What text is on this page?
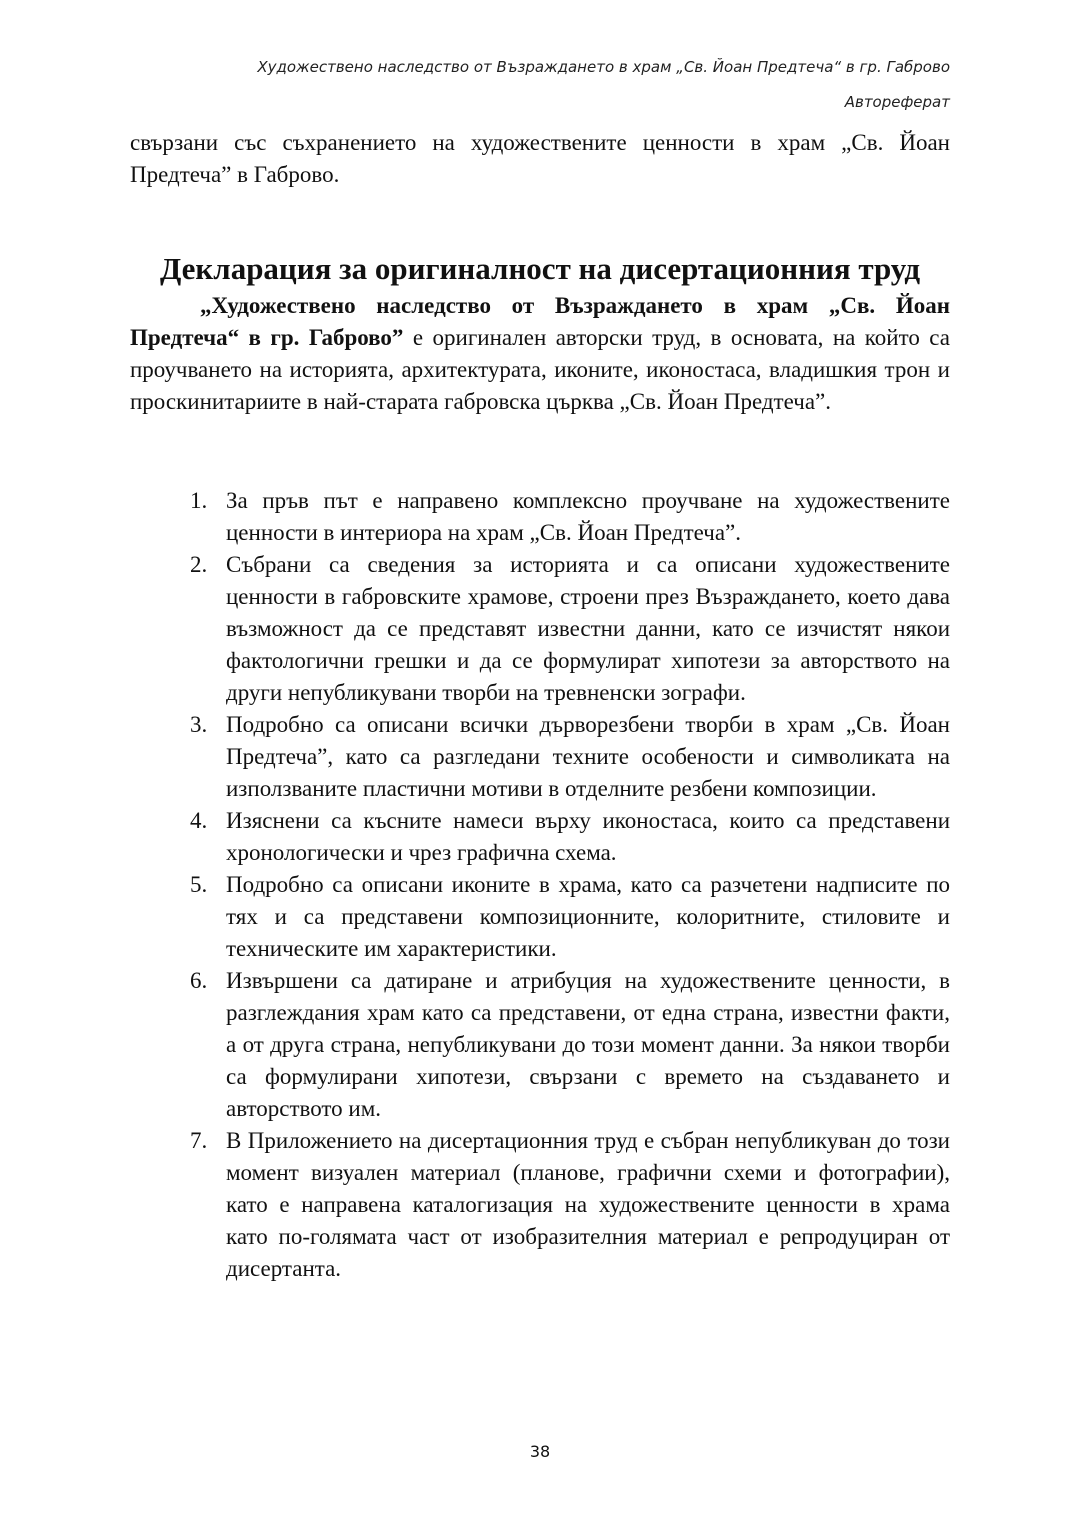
Художествено наследство от Възраждането в храм „Св. Йоан Предтеча“ в гр. Габрово
Автореферат

свързани със съхранението на художествените ценности в храм „Св. Йоан Предтеча” в Габрово.

Декларация за оригиналност на дисертационния труд

„Художествено наследство от Възраждането в храм „Св. Йоан Предтеча“ в гр. Габрово” е оригинален авторски труд, в основата, на който са проучването на историята, архитектурата, иконите, иконостаса, владишкия трон и проскинитариите в най-старата габровска църква „Св. Йоан Предтеча”.

1. За пръв път е направено комплексно проучване на художествените ценности в интериора на храм „Св. Йоан Предтеча”.
2. Събрани са сведения за историята и са описани художествените ценности в габровските храмове, строени през Възраждането, което дава възможност да се представят известни данни, като се изчистят някои фактологични грешки и да се формулират хипотези за авторството на други непубликувани творби на тревненски зографи.
3. Подробно са описани всички дърворезбени творби в храм „Св. Йоан Предтеча”, като са разгледани техните особености и символиката на използваните пластични мотиви в отделните резбени композиции.
4. Изяснени са късните намеси върху иконостаса, които са представени хронологически и чрез графична схема.
5. Подробно са описани иконите в храма, като са разчетени надписите по тях и са представени композиционните, колоритните, стиловите и техническите им характеристики.
6. Извършени са датиране и атрибуция на художествените ценности, в разглеждания храм като са представени, от една страна, известни факти, а от друга страна, непубликувани до този момент данни. За някои творби са формулирани хипотези, свързани с времето на създаването и авторството им.
7. В Приложението на дисертационния труд е събран непубликуван до този момент визуален материал (планове, графични схеми и фотографии), като е направена каталогизация на художествените ценности в храма като по-голямата част от изобразителния материал е репродуциран от дисертанта.
38
